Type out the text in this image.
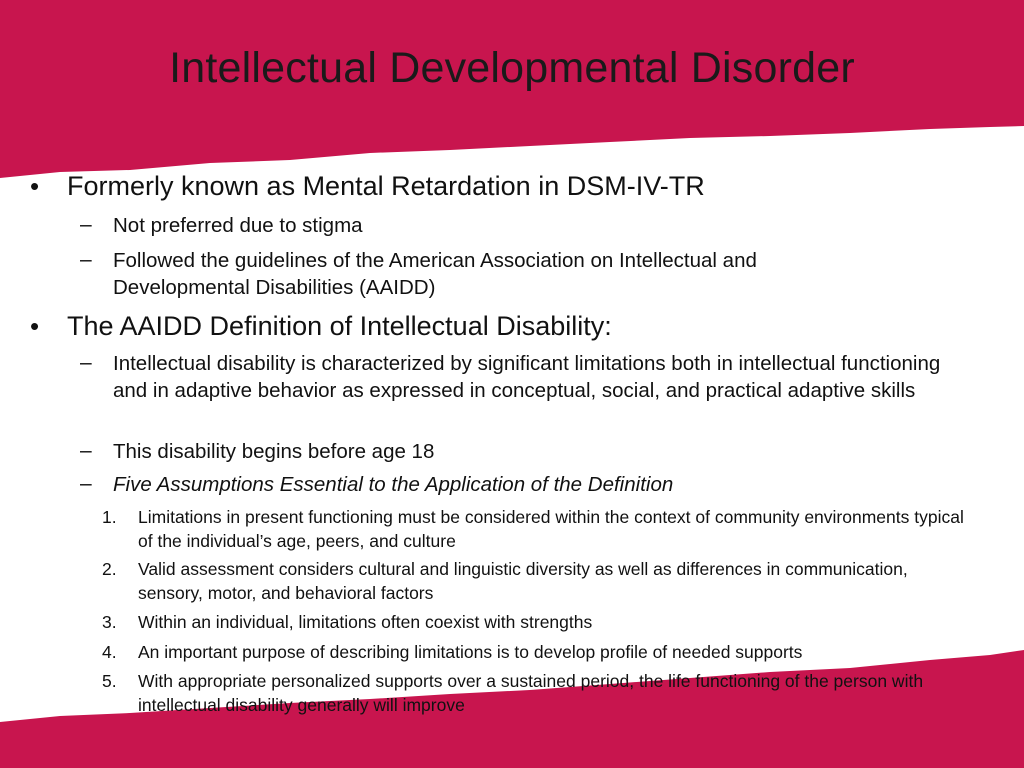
Intellectual Developmental Disorder
• Formerly known as Mental Retardation in DSM-IV-TR
– Not preferred due to stigma
– Followed the guidelines of the American Association on Intellectual and Developmental Disabilities (AAIDD)
• The AAIDD Definition of Intellectual Disability:
– Intellectual disability is characterized by significant limitations both in intellectual functioning and in adaptive behavior as expressed in conceptual, social, and practical adaptive skills
– This disability begins before age 18
– Five Assumptions Essential to the Application of the Definition
1. Limitations in present functioning must be considered within the context of community environments typical of the individual’s age, peers, and culture
2. Valid assessment considers cultural and linguistic diversity as well as differences in communication, sensory, motor, and behavioral factors
3. Within an individual, limitations often coexist with strengths
4. An important purpose of describing limitations is to develop profile of needed supports
5. With appropriate personalized supports over a sustained period, the life functioning of the person with intellectual disability generally will improve
